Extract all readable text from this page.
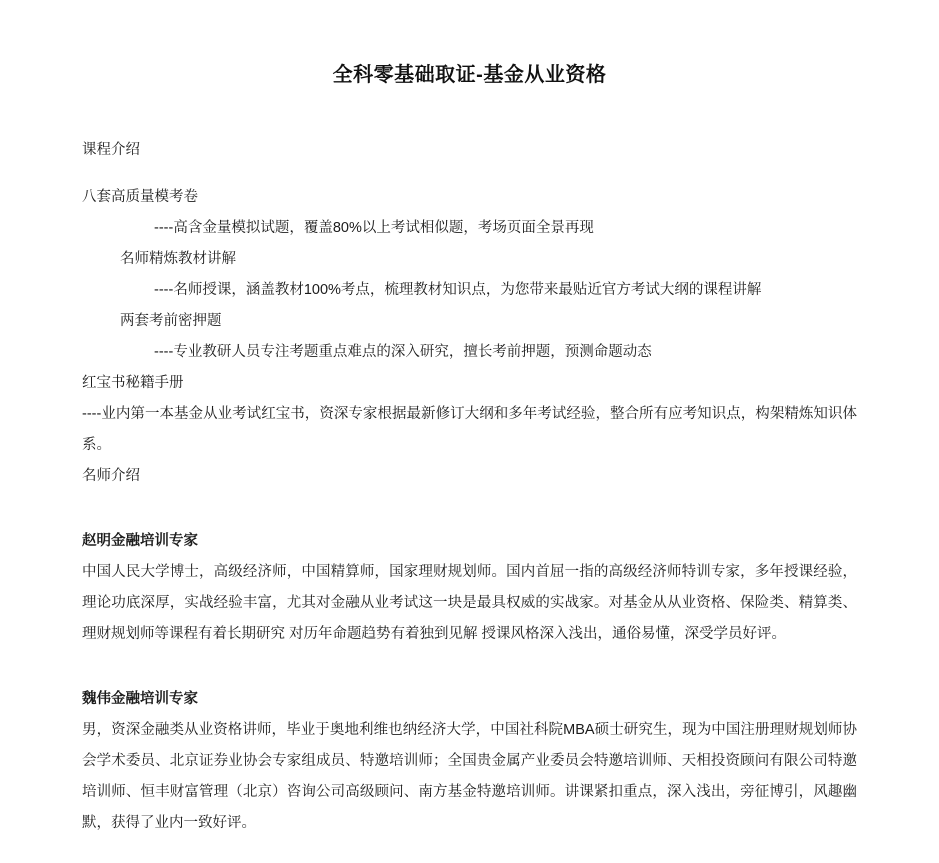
全科零基础取证-基金从业资格

课程介绍

八套高质量模考卷

----高含金量模拟试题，覆盖80%以上考试相似题，考场页面全景再现

名师精炼教材讲解

----名师授课，涵盖教材100%考点，梳理教材知识点，为您带来最贴近官方考试大纲的课程讲解

两套考前密押题

----专业教研人员专注考题重点难点的深入研究，擅长考前押题，预测命题动态

红宝书秘籍手册

----业内第一本基金从业考试红宝书，资深专家根据最新修订大纲和多年考试经验，整合所有应考知识点，构架精炼知识体系。

名师介绍

赵明金融培训专家

中国人民大学博士，高级经济师，中国精算师，国家理财规划师。国内首屈一指的高级经济师特训专家，多年授课经验，理论功底深厚，实战经验丰富，尤其对金融从业考试这一块是最具权威的实战家。对基金从从业资格、保险类、精算类、理财规划师等课程有着长期研究 对历年命题趋势有着独到见解 授课风格深入浅出，通俗易懂，深受学员好评。

魏伟金融培训专家

男，资深金融类从业资格讲师，毕业于奥地利维也纳经济大学，中国社科院MBA硕士研究生，现为中国注册理财规划师协会学术委员、北京证券业协会专家组成员、特邀培训师；全国贵金属产业委员会特邀培训师、天相投资顾问有限公司特邀培训师、恒丰财富管理（北京）咨询公司高级顾问、南方基金特邀培训师。讲课紧扣重点，深入浅出，旁征博引，风趣幽默，获得了业内一致好评。
